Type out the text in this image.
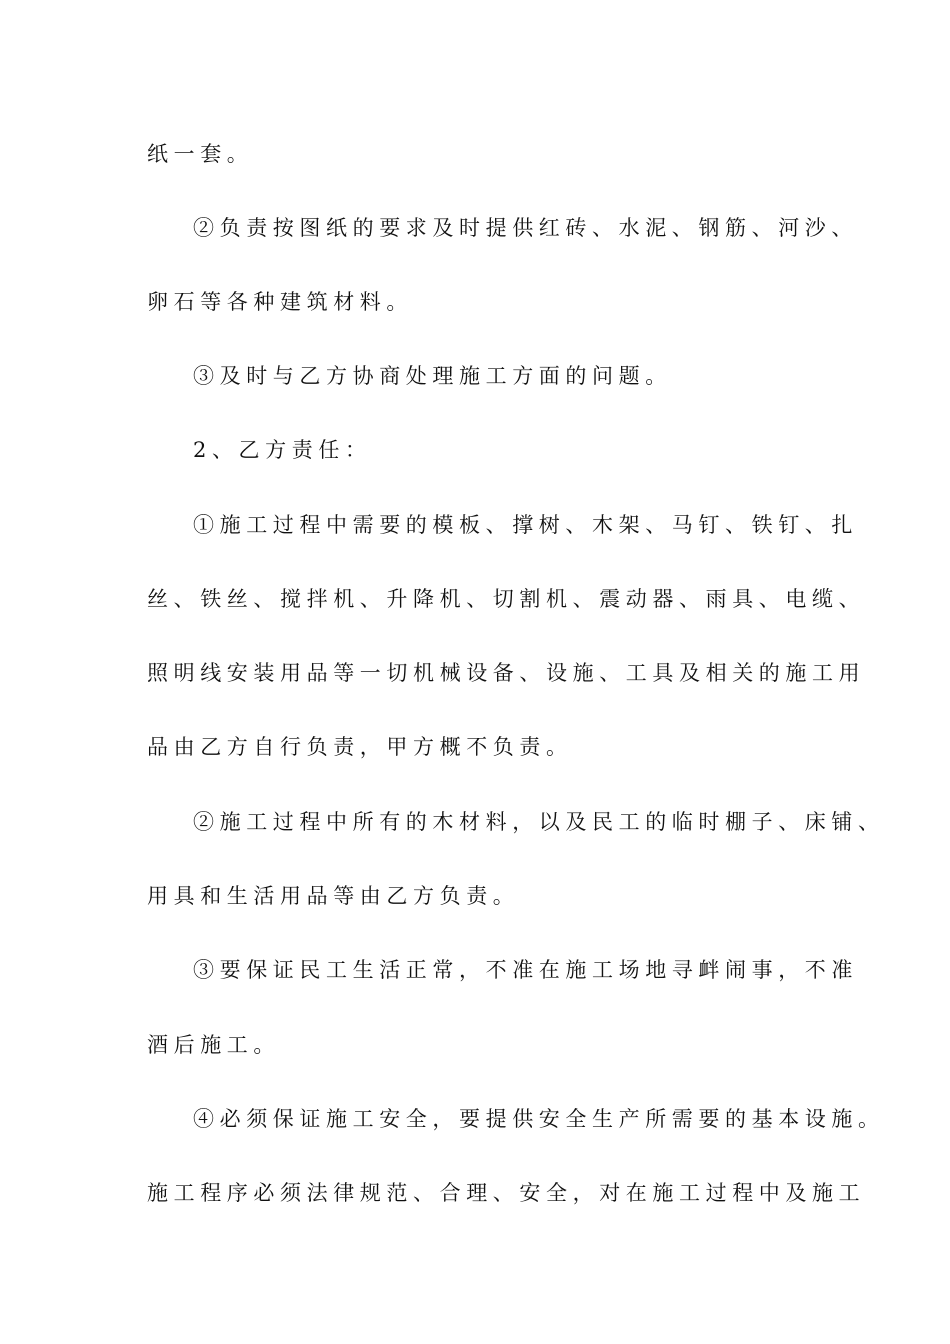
纸一套。
②负责按图纸的要求及时提供红砖、水泥、钢筋、河沙、
卵石等各种建筑材料。
③及时与乙方协商处理施工方面的问题。
2、乙方责任：
①施工过程中需要的模板、撑树、木架、马钉、铁钉、扎
丝、铁丝、搅拌机、升降机、切割机、震动器、雨具、电缆、
照明线安装用品等一切机械设备、设施、工具及相关的施工用
品由乙方自行负责，甲方概不负责。
②施工过程中所有的木材料，以及民工的临时棚子、床铺、
用具和生活用品等由乙方负责。
③要保证民工生活正常，不准在施工场地寻衅闹事，不准
酒后施工。
④必须保证施工安全，要提供安全生产所需要的基本设施。
施工程序必须法律规范、合理、安全，对在施工过程中及施工
